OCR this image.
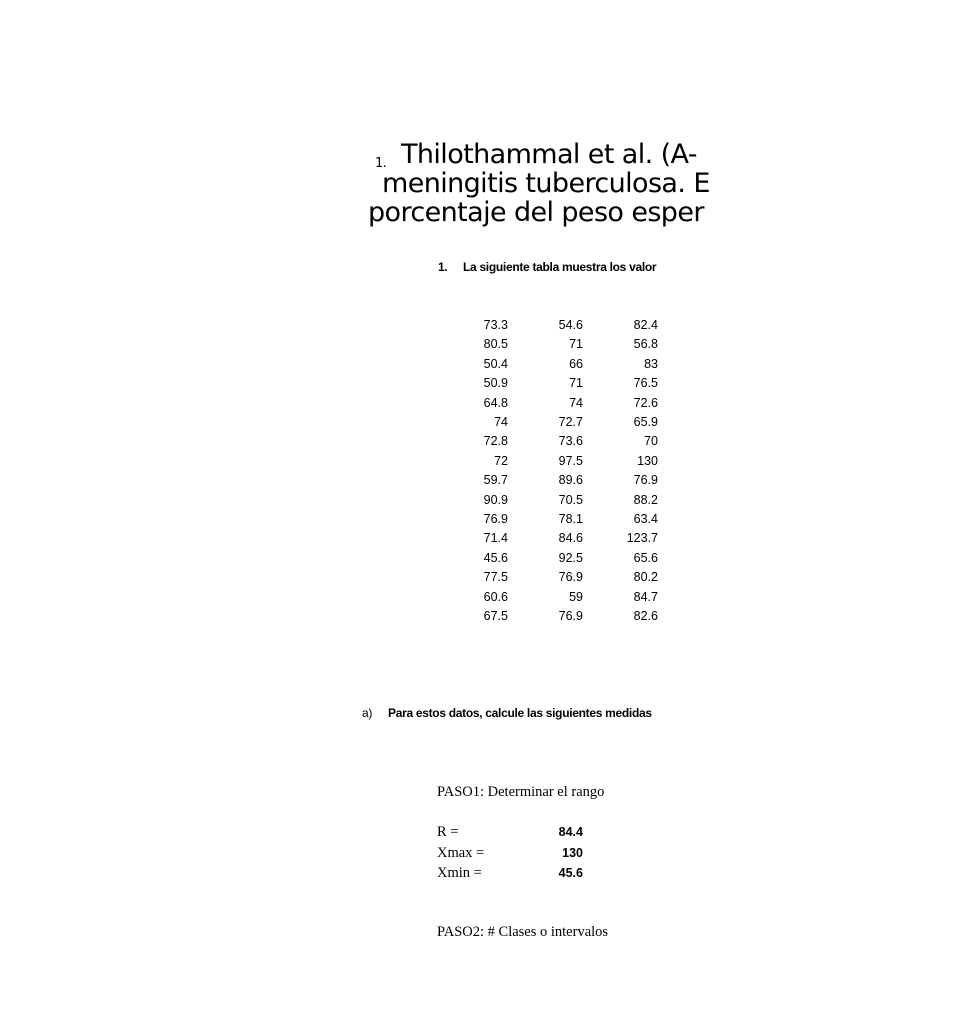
1. Thilothammal et al. (A-
meningitis tuberculosa. E
porcentaje del peso esper
1. La siguiente tabla muestra los valor
73.3	54.6	82.4
80.5	71	56.8
50.4	66	83
50.9	71	76.5
64.8	74	72.6
74	72.7	65.9
72.8	73.6	70
72	97.5	130
59.7	89.6	76.9
90.9	70.5	88.2
76.9	78.1	63.4
71.4	84.6	123.7
45.6	92.5	65.6
77.5	76.9	80.2
60.6	59	84.7
67.5	76.9	82.6
a) Para estos datos, calcule las siguientes medidas
PASO1: Determinar el rango
R =	84.4
Xmax =	130
Xmin =	45.6
PASO2: # Clases o intervalos
